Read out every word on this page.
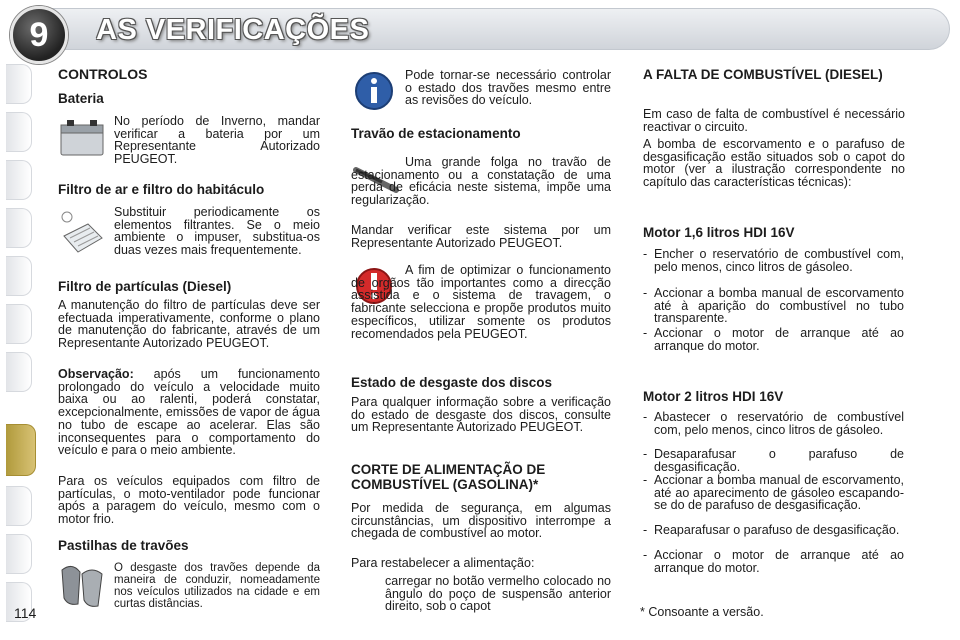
9	AS VERIFICAÇÕES
CONTROLOS
Bateria
No período de Inverno, mandar verificar a bateria por um Representante Autorizado PEUGEOT.
Filtro de ar e filtro do habitáculo
Substituir periodicamente os elementos filtrantes. Se o meio ambiente o impuser, substitua-os duas vezes mais frequentemente.
Filtro de partículas (Diesel)
A manutenção do filtro de partículas deve ser efectuada imperativamente, conforme o plano de manutenção do fabricante, através de um Representante Autorizado PEUGEOT.
Observação: após um funcionamento prolongado do veículo a velocidade muito baixa ou ao ralenti, poderá constatar, excepcionalmente, emissões de vapor de água no tubo de escape ao acelerar. Elas são inconsequentes para o comportamento do veículo e para o meio ambiente.
Para os veículos equipados com filtro de partículas, o moto-ventilador pode funcionar após a paragem do veículo, mesmo com o motor frio.
Pastilhas de travões
O desgaste dos travões depende da maneira de conduzir, nomeadamente nos veículos utilizados na cidade e em curtas distâncias.
Pode tornar-se necessário controlar o estado dos travões mesmo entre as revisões do veículo.
Travão de estacionamento
Uma grande folga no travão de estacionamento ou a constatação de uma perda de eficácia neste sistema, impõe uma regularização.
Mandar verificar este sistema por um Representante Autorizado PEUGEOT.
A fim de optimizar o funcionamento de orgãos tão importantes como a direcção assistida e o sistema de travagem, o fabricante selecciona e propõe produtos muito específicos, utilizar somente os produtos recomendados pela PEUGEOT.
Estado de desgaste dos discos
Para qualquer informação sobre a verificação do estado de desgaste dos discos, consulte um Representante Autorizado PEUGEOT.
CORTE DE ALIMENTAÇÃO DE COMBUSTÍVEL (GASOLINA)*
Por medida de segurança, em algumas circunstâncias, um dispositivo interrompe a chegada de combustível ao motor.
Para restabelecer a alimentação:
carregar no botão vermelho colocado no ângulo do poço de suspensão anterior direito, sob o capot
A FALTA DE COMBUSTÍVEL (DIESEL)
Em caso de falta de combustível é necessário reactivar o circuito.
A bomba de escorvamento e o parafuso de desgasificação estão situados sob o capot do motor (ver a ilustração correspondente no capítulo das características técnicas):
Motor 1,6 litros HDI 16V
- Encher o reservatório de combustível com, pelo menos, cinco litros de gásoleo.
- Accionar a bomba manual de escorvamento até à aparição do combustível no tubo transparente.
- Accionar o motor de arranque até ao arranque do motor.
Motor 2 litros HDI 16V
- Abastecer o reservatório de combustível com, pelo menos, cinco litros de gásoleo.
- Desaparafusar o parafuso de desgasificação.
- Accionar a bomba manual de escorvamento, até ao aparecimento de gásoleo escapando-se do de parafuso de desgasificação.
- Reaparafusar o parafuso de desgasificação.
- Accionar o motor de arranque até ao arranque do motor.
114	* Consoante a versão.
